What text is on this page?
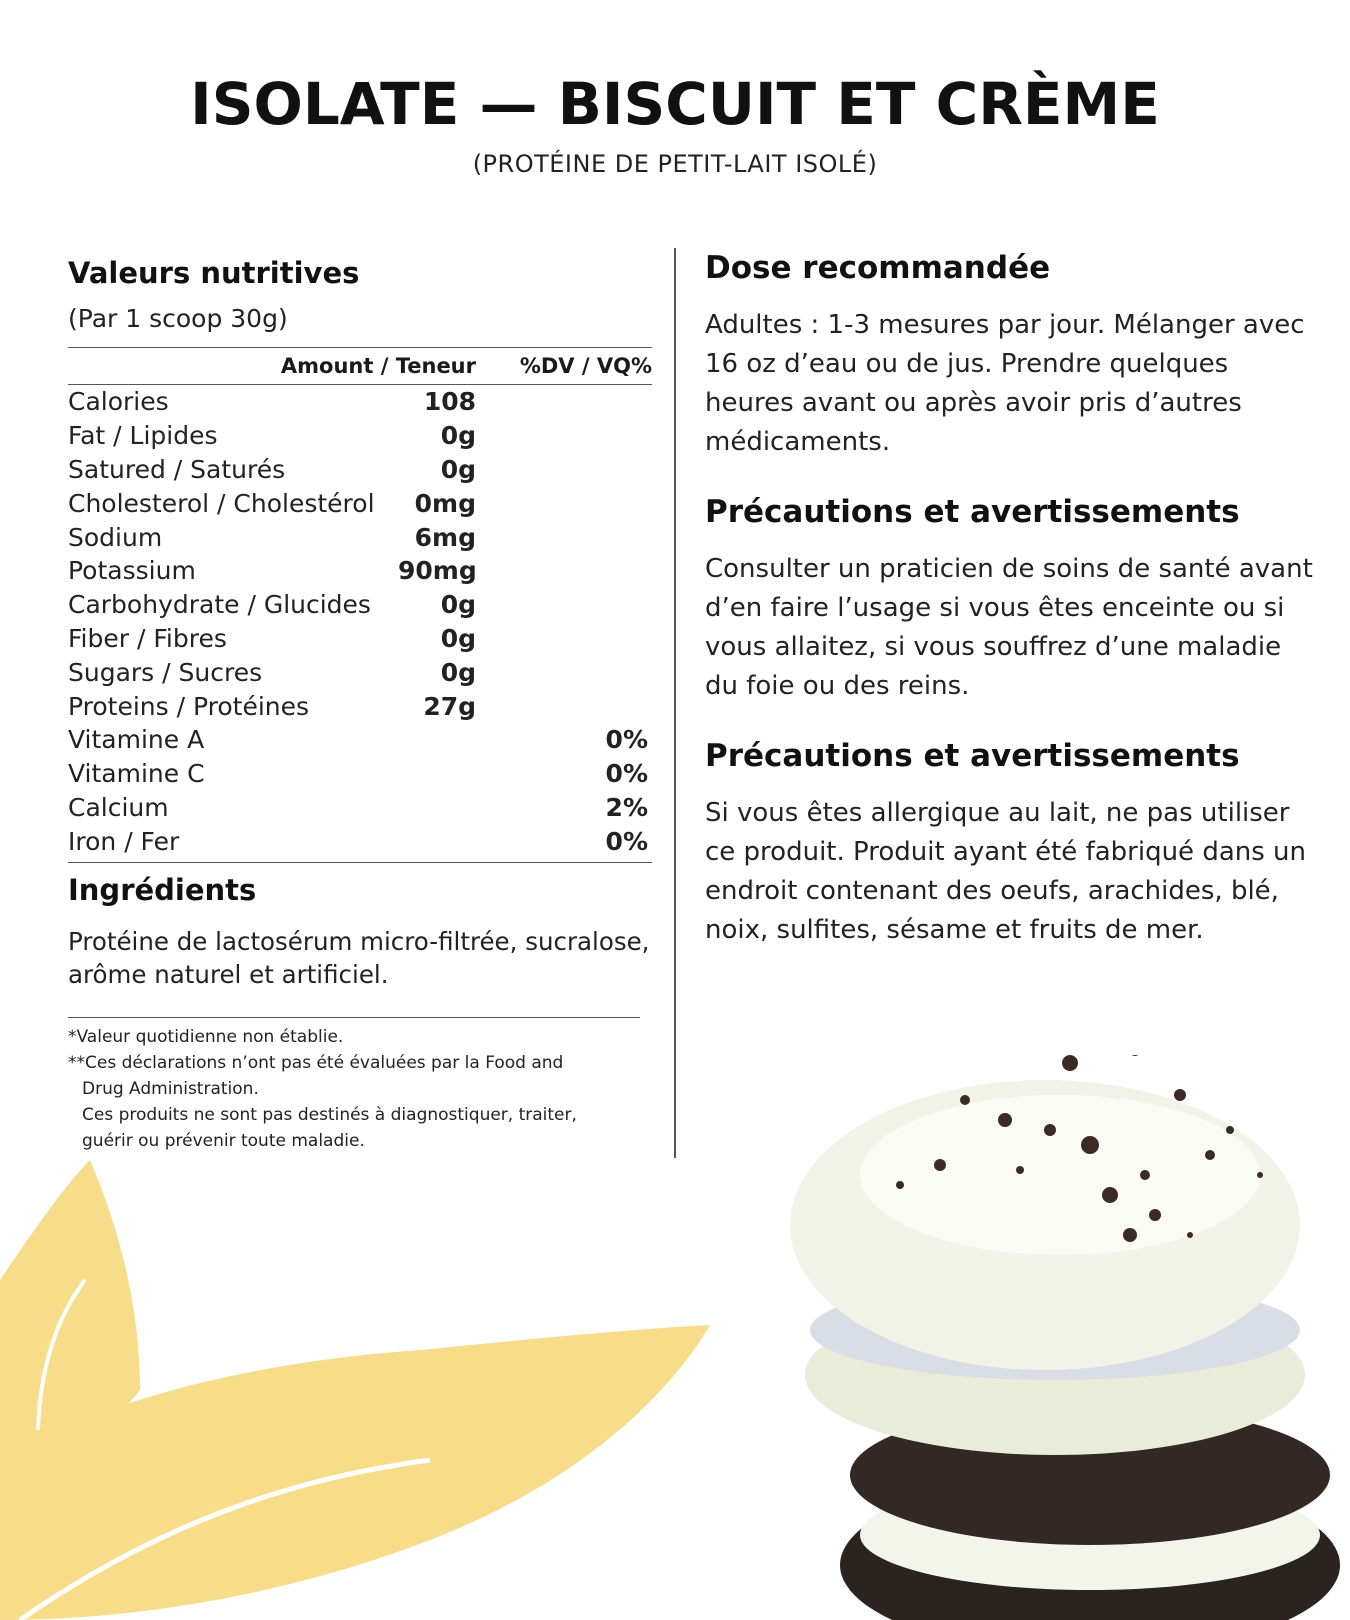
ISOLATE — BISCUIT ET CRÈME
(PROTÉINE DE PETIT-LAIT ISOLÉ)
Valeurs nutritives
(Par 1 scoop 30g)
Amount / Teneur	%DV / VQ%
Calories	108
Fat / Lipides	0g
Satured / Saturés	0g
Cholesterol / Cholestérol	0mg
Sodium	6mg
Potassium	90mg
Carbohydrate / Glucides	0g
Fiber / Fibres	0g
Sugars / Sucres	0g
Proteins / Protéines	27g
Vitamine A	0%
Vitamine C	0%
Calcium	2%
Iron / Fer	0%
Ingrédients
Protéine de lactosérum micro-filtrée, sucralose, arôme naturel et artificiel.
*Valeur quotidienne non établie.
**Ces déclarations n’ont pas été évaluées par la Food and
Drug Administration.
Ces produits ne sont pas destinés à diagnostiquer, traiter,
guérir ou prévenir toute maladie.
Dose recommandée
Adultes : 1-3 mesures par jour. Mélanger avec 16 oz d’eau ou de jus. Prendre quelques heures avant ou après avoir pris d’autres médicaments.
Précautions et avertissements
Consulter un praticien de soins de santé avant d’en faire l’usage si vous êtes enceinte ou si vous allaitez, si vous souffrez d’une maladie du foie ou des reins.
Précautions et avertissements
Si vous êtes allergique au lait, ne pas utiliser ce produit. Produit ayant été fabriqué dans un endroit contenant des oeufs, arachides, blé, noix, sulfites, sésame et fruits de mer.
